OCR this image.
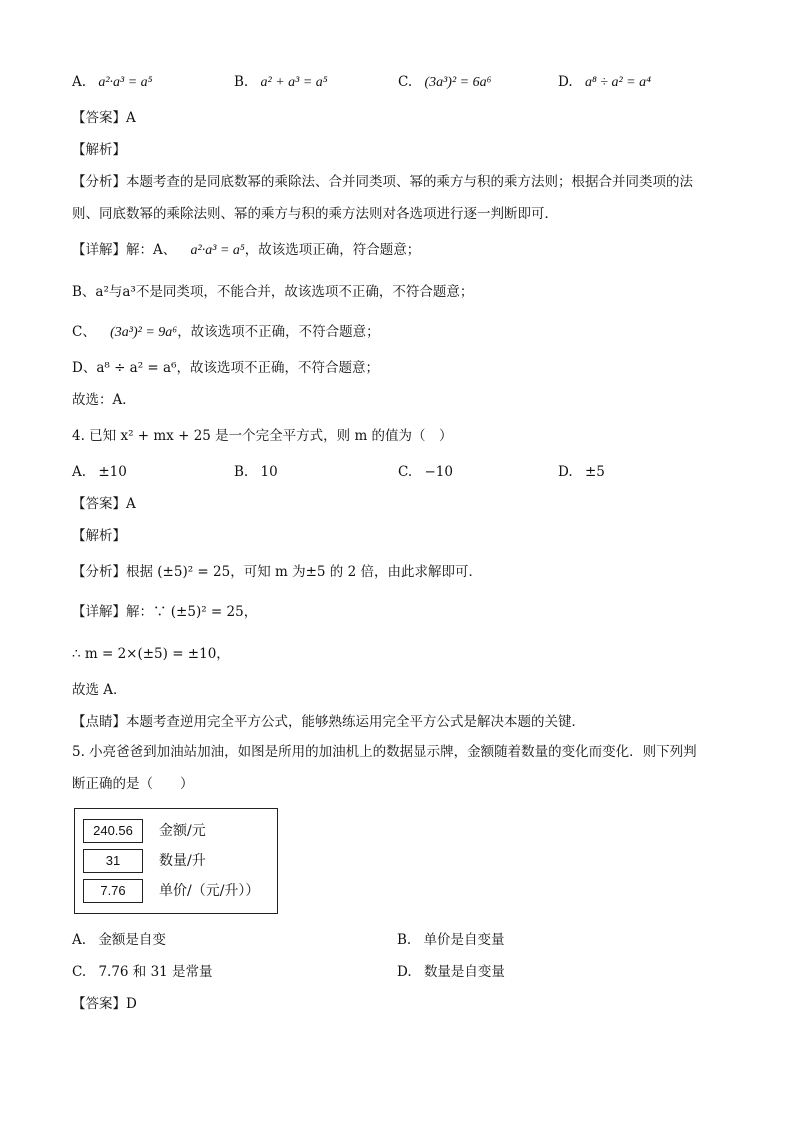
A. a²·a³ = a⁵	B. a² + a³ = a⁵	C. (3a³)² = 6a⁶	D. a⁸ ÷ a² = a⁴
【答案】A
【解析】
【分析】本题考查的是同底数幂的乘除法、合并同类项、幂的乘方与积的乘方法则；根据合并同类项的法
则、同底数幂的乘除法则、幂的乘方与积的乘方法则对各选项进行逐一判断即可．
【详解】解：A、 a²·a³ = a⁵，故该选项正确，符合题意；
B、a²与a³不是同类项，不能合并，故该选项不正确，不符合题意；
C、 (3a³)² = 9a⁶，故该选项不正确，不符合题意；
D、a⁸ ÷ a² = a⁶，故该选项不正确，不符合题意；
故选：A．
4. 已知 x² + mx + 25 是一个完全平方式，则 m 的值为（　）
A. ±10	B. 10	C. −10	D. ±5
【答案】A
【解析】
【分析】根据 (±5)² = 25，可知 m 为±5 的 2 倍，由此求解即可．
【详解】解：∵ (±5)² = 25，
∴ m = 2×(±5) = ±10，
故选 A．
【点睛】本题考查逆用完全平方公式，能够熟练运用完全平方公式是解决本题的关键．
5. 小亮爸爸到加油站加油，如图是所用的加油机上的数据显示牌，金额随着数量的变化而变化．则下列判
断正确的是（　　）
240.56	金额/元
31	数量/升
7.76	单价/（元/升））
A. 金额是自变	B. 单价是自变量
C. 7.76 和 31 是常量	D. 数量是自变量
【答案】D
